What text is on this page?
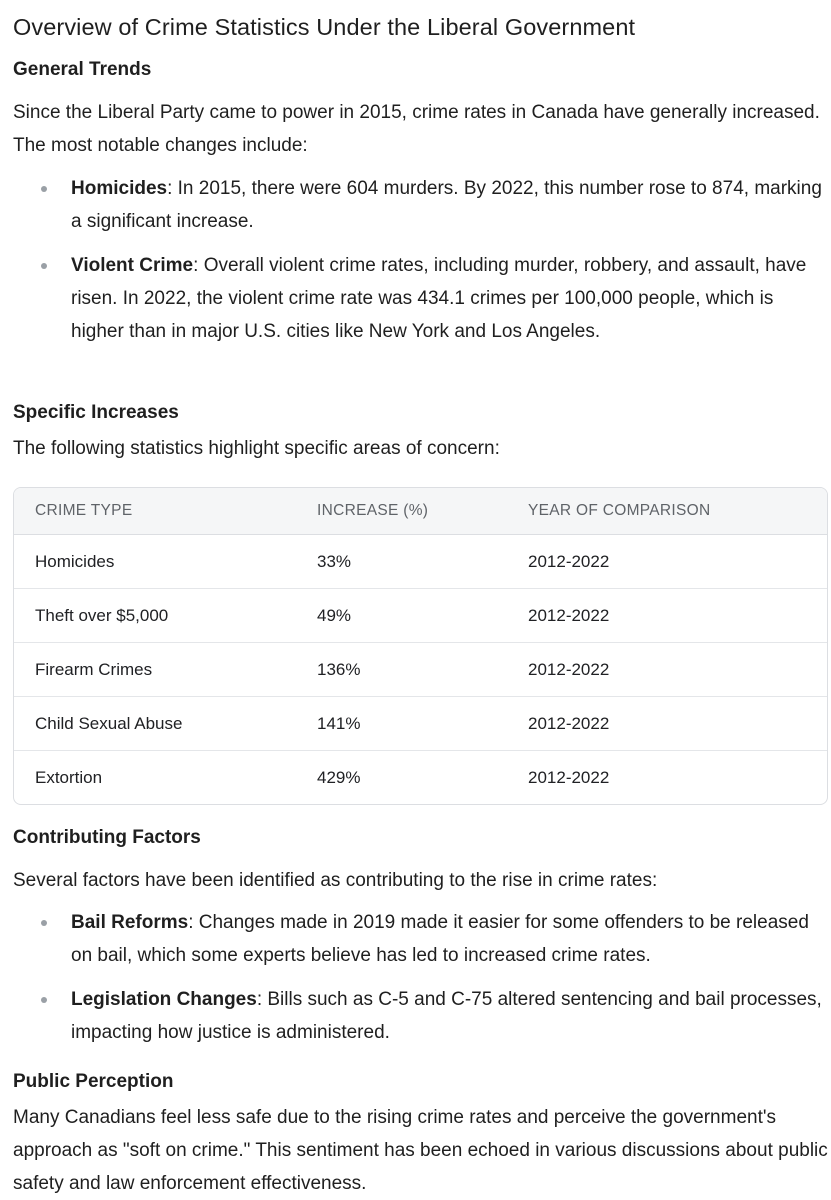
Overview of Crime Statistics Under the Liberal Government
General Trends

Since the Liberal Party came to power in 2015, crime rates in Canada have generally increased. The most notable changes include:

Homicides: In 2015, there were 604 murders. By 2022, this number rose to 874, marking a significant increase.
Violent Crime: Overall violent crime rates, including murder, robbery, and assault, have risen. In 2022, the violent crime rate was 434.1 crimes per 100,000 people, which is higher than in major U.S. cities like New York and Los Angeles.
Specific Increases

The following statistics highlight specific areas of concern:

CRIME TYPE	INCREASE (%)	YEAR OF COMPARISON
Homicides	33%	2012-2022
Theft over $5,000	49%	2012-2022
Firearm Crimes	136%	2012-2022
Child Sexual Abuse	141%	2012-2022
Extortion	429%	2012-2022
Contributing Factors

Several factors have been identified as contributing to the rise in crime rates:

Bail Reforms: Changes made in 2019 made it easier for some offenders to be released on bail, which some experts believe has led to increased crime rates.
Legislation Changes: Bills such as C-5 and C-75 altered sentencing and bail processes, impacting how justice is administered.
Public Perception

Many Canadians feel less safe due to the rising crime rates and perceive the government's approach as "soft on crime." This sentiment has been echoed in various discussions about public safety and law enforcement effectiveness.
